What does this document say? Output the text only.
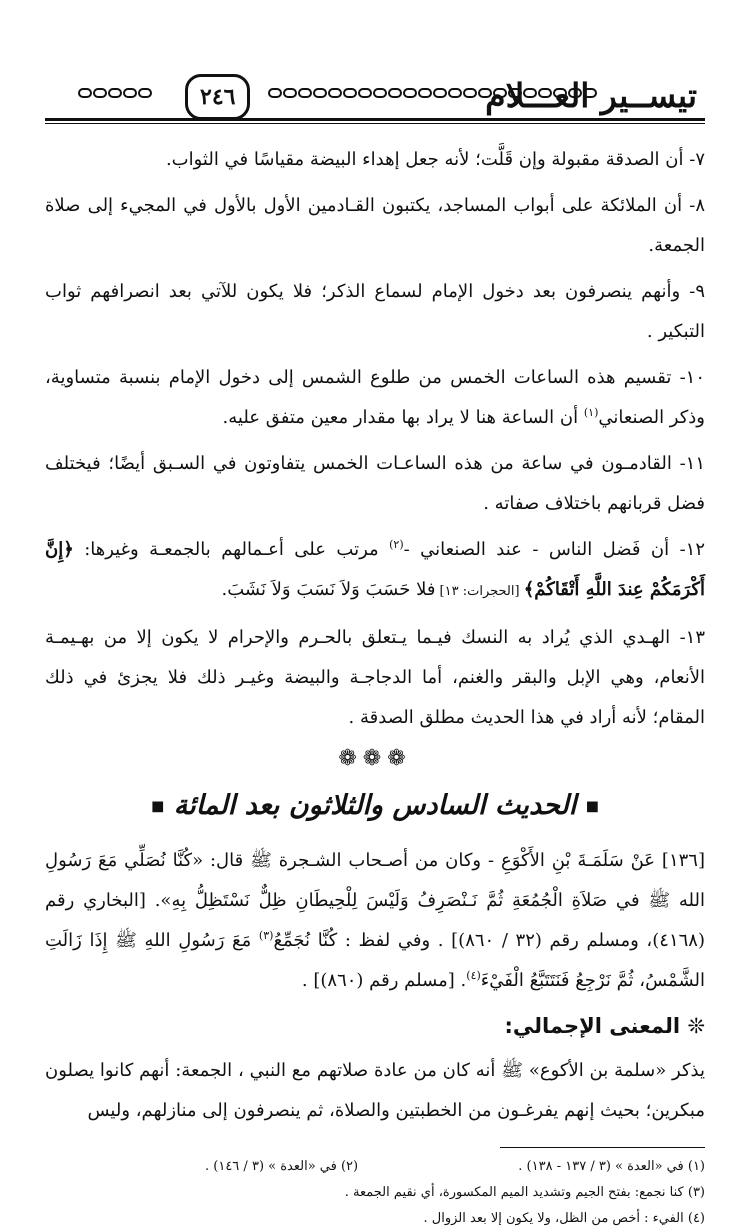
تيســير العـــلام
٢٤٦

٧- أن الصدقة مقبولة وإن قَلَّت؛ لأنه جعل إهداء البيضة مقياسًا في الثواب.

٨- أن الملائكة على أبواب المساجد، يكتبون القـادمين الأول بالأول في المجيء إلى صلاة الجمعة.

٩- وأنهم ينصرفون بعد دخول الإمام لسماع الذكر؛ فلا يكون للآتي بعد انصرافهم ثواب التبكير .

١٠- تقسيم هذه الساعات الخمس من طلوع الشمس إلى دخول الإمام بنسبة متساوية، وذكر الصنعاني$^{(١)}$ أن الساعة هنا لا يراد بها مقدار معين متفق عليه.

١١- القادمـون في ساعة من هذه الساعـات الخمس يتفاوتون في السـبق أيضًا؛ فيختلف فضل قربانهم باختلاف صفاته .

١٢- أن فَضل الناس - عند الصنعاني -$^{(٢)}$ مرتب على أعـمالهم بالجمعـة وغيرها: ﴿إِنَّ أَكْرَمَكُمْ عِندَ اللَّهِ أَتْقَاكُمْ﴾ [الحجرات: ١٣] فلا حَسَبَ وَلاَ نَسَبَ وَلاَ نَشَبَ.

١٣- الهـدي الذي يُراد به النسك فيـما يـتعلق بالحـرم والإحرام لا يكون إلا من بهـيمـة الأنعام، وهي الإبل والبقر والغنم، أما الدجاجـة والبيضة وغيـر ذلك فلا يجزئ في ذلك المقام؛ لأنه أراد في هذا الحديث مطلق الصدقة .

❁❁❁
■ الحديث السادس والثلاثون بعد المائة ■

[١٣٦] عَنْ سَلَمَـةَ بْنِ الأَكْوَعِ - وكان من أصـحاب الشـجرة ﷺ قال: «كُنَّا نُصَلِّي مَعَ رَسُولِ الله ﷺ في صَلاَةِ الْجُمُعَةِ ثُمَّ نَـنْصَرِفُ وَلَيْسَ لِلْحِيطَانِ ظِلٌّ نَسْتَظِلُّ بِهِ». [البخاري رقم (٤١٦٨)، ومسلم رقم (٣٢ / ٨٦٠)] . وفي لفظ : كُنَّا نُجَمِّعُ$^{(٣)}$ مَعَ رَسُولِ اللهِ ﷺ إِذَا زَالَتِ الشَّمْسُ، ثُمَّ نَرْجِعُ فَنَتَتَبَّعُ الْفَيْءَ$^{(٤)}$. [مسلم رقم (٨٦٠)] .

❊ المعنى الإجمالي:

يذكر «سلمة بن الأكوع» ﷺ أنه كان من عادة صلاتهم مع النبي ، الجمعة: أنهم كانوا يصلون مبكرين؛ بحيث إنهم يفرغـون من الخطبتين والصلاة، ثم ينصرفون إلى منازلهم، وليس

(١) في «العدة » (٣ / ١٣٧ - ١٣٨) .
(٢) في «العدة » (٣ / ١٤٦) .
(٣) كنا نجمع: بفتح الجيم وتشديد الميم المكسورة، أي نقيم الجمعة .
(٤) الفيء : أخص من الظل، ولا يكون إلا بعد الزوال .
